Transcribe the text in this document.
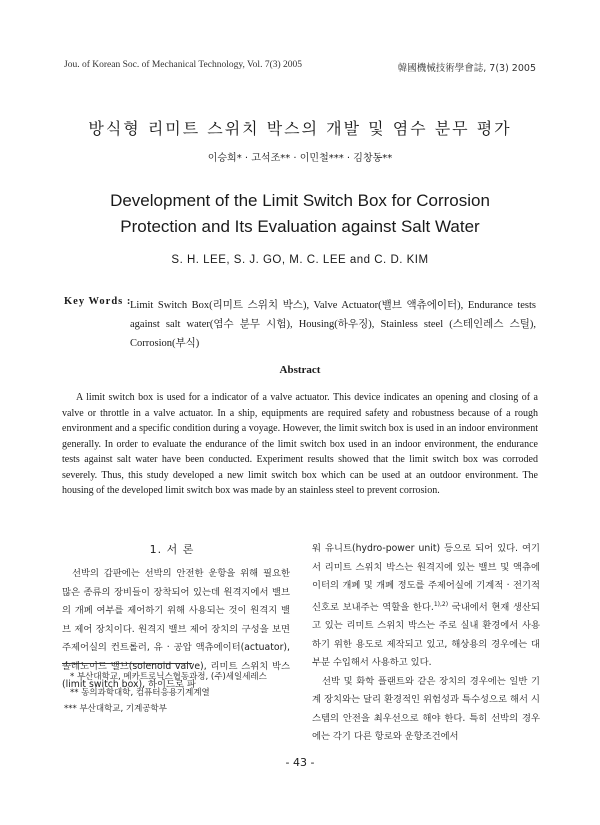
Jou. of Korean Soc. of Mechanical Technology, Vol. 7(3) 2005	韓國機械技術學會誌, 7(3) 2005
방식형 리미트 스위치 박스의 개발 및 염수 분무 평가
이승희* · 고석조** · 이민철*** · 김창동**
Development of the Limit Switch Box for Corrosion
Protection and Its Evaluation against Salt Water
S. H. LEE, S. J. GO, M. C. LEE and C. D. KIM
Key Words :
Limit Switch Box(리미트 스위치 박스), Valve Actuator(밸브 액츄에이터), Endurance tests against salt water(염수 분무 시험), Housing(하우징), Stainless steel (스테인레스 스틸), Corrosion(부식)
Abstract
A limit switch box is used for a indicator of a valve actuator. This device indicates an opening and closing of a valve or throttle in a valve actuator. In a ship, equipments are required safety and robustness because of a rough environment and a specific condition during a voyage. However, the limit switch box is used in an indoor environment generally. In order to evaluate the endurance of the limit switch box used in an indoor environment, the endurance tests against salt water have been conducted. Experiment results showed that the limit switch box was corroded severely. Thus, this study developed a new limit switch box which can be used at an outdoor environment. The housing of the developed limit switch box was made by an stainless steel to prevent corrosion.
1. 서 론
선박의 갑판에는 선박의 안전한 운항을 위해 필요한 많은 종류의 장비들이 장착되어 있는데 원격지에서 밸브의 개폐 여부를 제어하기 위해 사용되는 것이 원격지 밸브 제어 장치이다. 원격지 밸브 제어 장치의 구성을 보면 주제어실의 컨트롤러, 유 · 공압 액츄에이터(actuator), 솔레노이드 밸브(solenoid valve), 리미트 스위치 박스(limit switch box), 하이드로 파

워 유니트(hydro-power unit) 등으로 되어 있다. 여기서 리미트 스위치 박스는 원격지에 있는 밸브 및 액츄에이터의 개폐 및 개폐 정도를 주제어실에 기계적 · 전기적 신호로 보내주는 역할을 한다.$^{1),2)}$ 국내에서 현재 생산되고 있는 리미트 스위치 박스는 주로 실내 환경에서 사용하기 위한 용도로 제작되고 있고, 해상용의 경우에는 대부분 수입해서 사용하고 있다.

선박 및 화학 플랜트와 같은 장치의 경우에는 일반 기계 장치와는 달리 환경적인 위험성과 특수성으로 해서 시스템의 안전을 최우선으로 해야 한다. 특히 선박의 경우에는 각기 다른 항로와 운항조건에서

* 부산대학교, 메카트로닉스협동과정, (주)세일세레스
** 동의과학대학, 컴퓨터응용기계계열
*** 부산대학교, 기계공학부
- 43 -
